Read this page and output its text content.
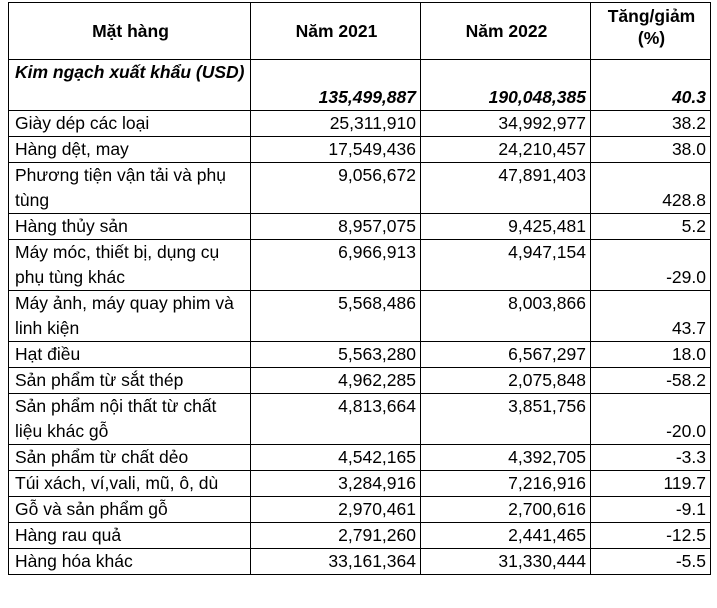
Mặt hàng	Năm 2021	Năm 2022	Tăng/giảm (%)
Kim ngạch xuất khẩu (USD)	135,499,887	190,048,385	40.3
Giày dép các loại	25,311,910	34,992,977	38.2
Hàng dệt, may	17,549,436	24,210,457	38.0
Phương tiện vận tải và phụ tùng	9,056,672	47,891,403	428.8
Hàng thủy sản	8,957,075	9,425,481	5.2
Máy móc, thiết bị, dụng cụ phụ tùng khác	6,966,913	4,947,154	-29.0
Máy ảnh, máy quay phim và linh kiện	5,568,486	8,003,866	43.7
Hạt điều	5,563,280	6,567,297	18.0
Sản phẩm từ sắt thép	4,962,285	2,075,848	-58.2
Sản phẩm nội thất từ chất liệu khác gỗ	4,813,664	3,851,756	-20.0
Sản phẩm từ chất dẻo	4,542,165	4,392,705	-3.3
Túi xách, ví,vali, mũ, ô, dù	3,284,916	7,216,916	119.7
Gỗ và sản phẩm gỗ	2,970,461	2,700,616	-9.1
Hàng rau quả	2,791,260	2,441,465	-12.5
Hàng hóa khác	33,161,364	31,330,444	-5.5
